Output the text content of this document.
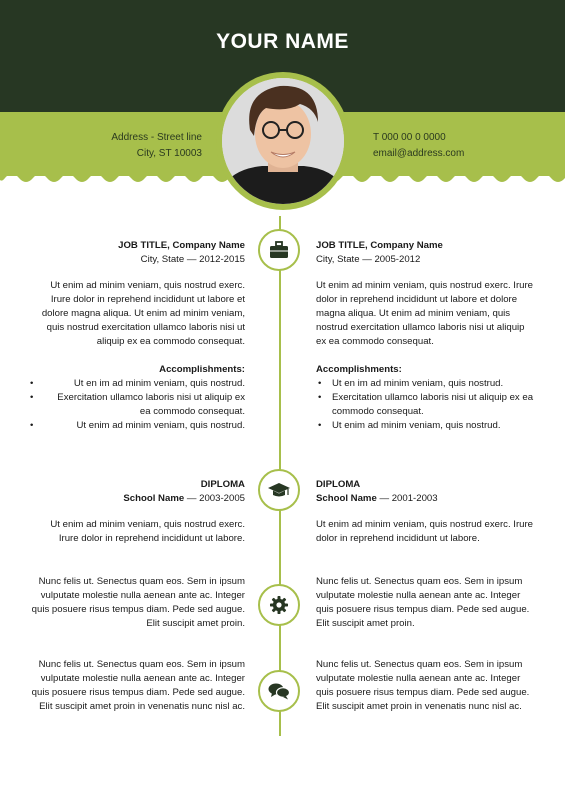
YOUR NAME
Address - Street line
City, ST 10003
T 000 00 0 0000
email@address.com

JOB TITLE, Company Name

City, State — 2012-2015

Ut enim ad minim veniam, quis nostrud exerc. Irure dolor in reprehend incididunt ut labore et dolore magna aliqua. Ut enim ad minim veniam, quis nostrud exercitation ullamco laboris nisi ut aliquip ex ea commodo consequat.

Accomplishments:

• Ut en im ad minim veniam, quis nostrud.
• Exercitation ullamco laboris nisi ut aliquip ex ea commodo consequat.
• Ut enim ad minim veniam, quis nostrud.

JOB TITLE, Company Name

City, State — 2005-2012

Ut enim ad minim veniam, quis nostrud exerc. Irure dolor in reprehend incididunt ut labore et dolore magna aliqua. Ut enim ad minim veniam, quis nostrud exercitation ullamco laboris nisi ut aliquip ex ea commodo consequat.

Accomplishments:

• Ut en im ad minim veniam, quis nostrud.
• Exercitation ullamco laboris nisi ut aliquip ex ea commodo consequat.
• Ut enim ad minim veniam, quis nostrud.

DIPLOMA

School Name — 2003-2005

Ut enim ad minim veniam, quis nostrud exerc. Irure dolor in reprehend incididunt ut labore.

DIPLOMA

School Name — 2001-2003

Ut enim ad minim veniam, quis nostrud exerc. Irure dolor in reprehend incididunt ut labore.

Nunc felis ut. Senectus quam eos. Sem in ipsum vulputate molestie nulla aenean ante ac. Integer quis posuere risus tempus diam. Pede sed augue. Elit suscipit amet proin.

Nunc felis ut. Senectus quam eos. Sem in ipsum vulputate molestie nulla aenean ante ac. Integer quis posuere risus tempus diam. Pede sed augue. Elit suscipit amet proin.

Nunc felis ut. Senectus quam eos. Sem in ipsum vulputate molestie nulla aenean ante ac. Integer quis posuere risus tempus diam. Pede sed augue. Elit suscipit amet proin in venenatis nunc nisl ac.

Nunc felis ut. Senectus quam eos. Sem in ipsum vulputate molestie nulla aenean ante ac. Integer quis posuere risus tempus diam. Pede sed augue. Elit suscipit amet proin in venenatis nunc nisl ac.
